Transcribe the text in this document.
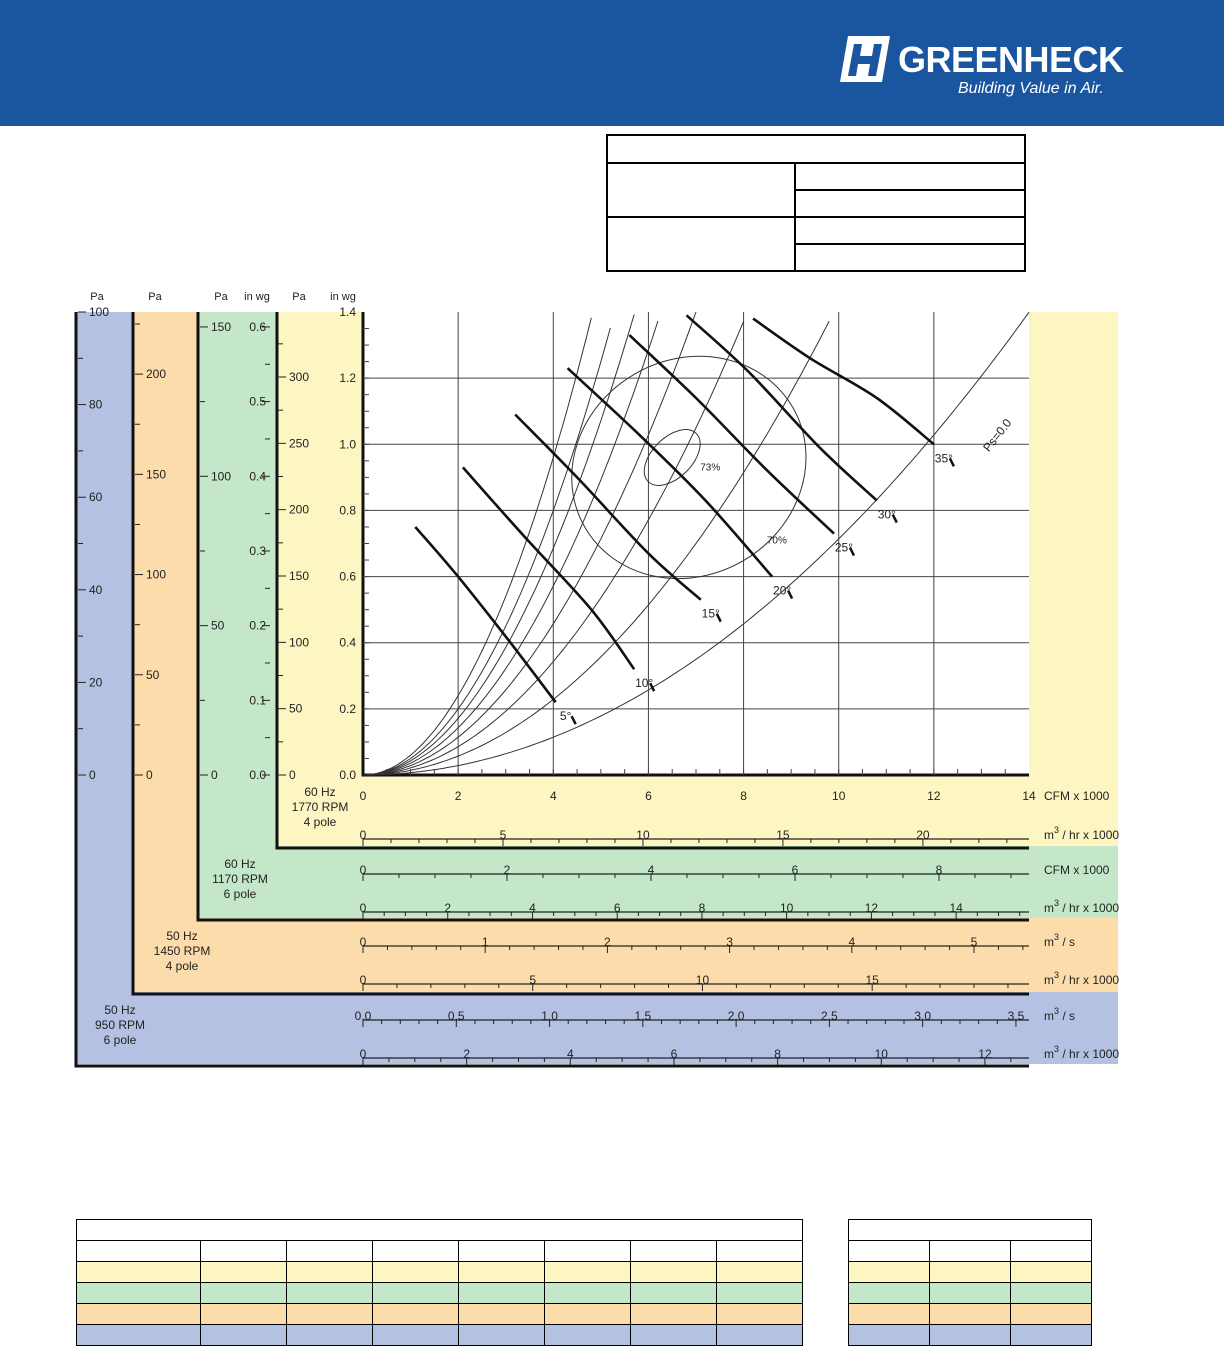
GREENHECK
Building Value in Air.
0
20
40
60
80
100
0
50
100
150
200
0
50
100
150
0.0
0.1
0.2
0.3
0.4
0.5
0.6
0
50
100
150
200
250
300
0.0
0.2
0.4
0.6
0.8
1.0
1.2
1.4
0	2	4	6	8	10	12	14 CFM x 1000
0	5	10	15	20	$m^3$ / hr x 1000
0	2	4	6	8	CFM x 1000
0	2	4	6	8	10	12	14	$m^3$ / hr x 1000
0	1	2	3	4	5	$m^3$ / s
0	5	10	15	$m^3$ / hr x 1000
0.0	0.5	1.0	1.5	2.0	2.5	3.0	3.5 $m^3$ / s
0	2	4	6	8	10	12	$m^3$ / hr x 1000
73%
70%
Ps=0.0
5°
10°
15°
20°
25°
30°
35°
Pa	Pa	Pa in wg Pa in wg
60 Hz
1770 RPM
4 pole
60 Hz
1170 RPM
6 pole
50 Hz
1450 RPM
4 pole
50 Hz
950 RPM
6 pole
